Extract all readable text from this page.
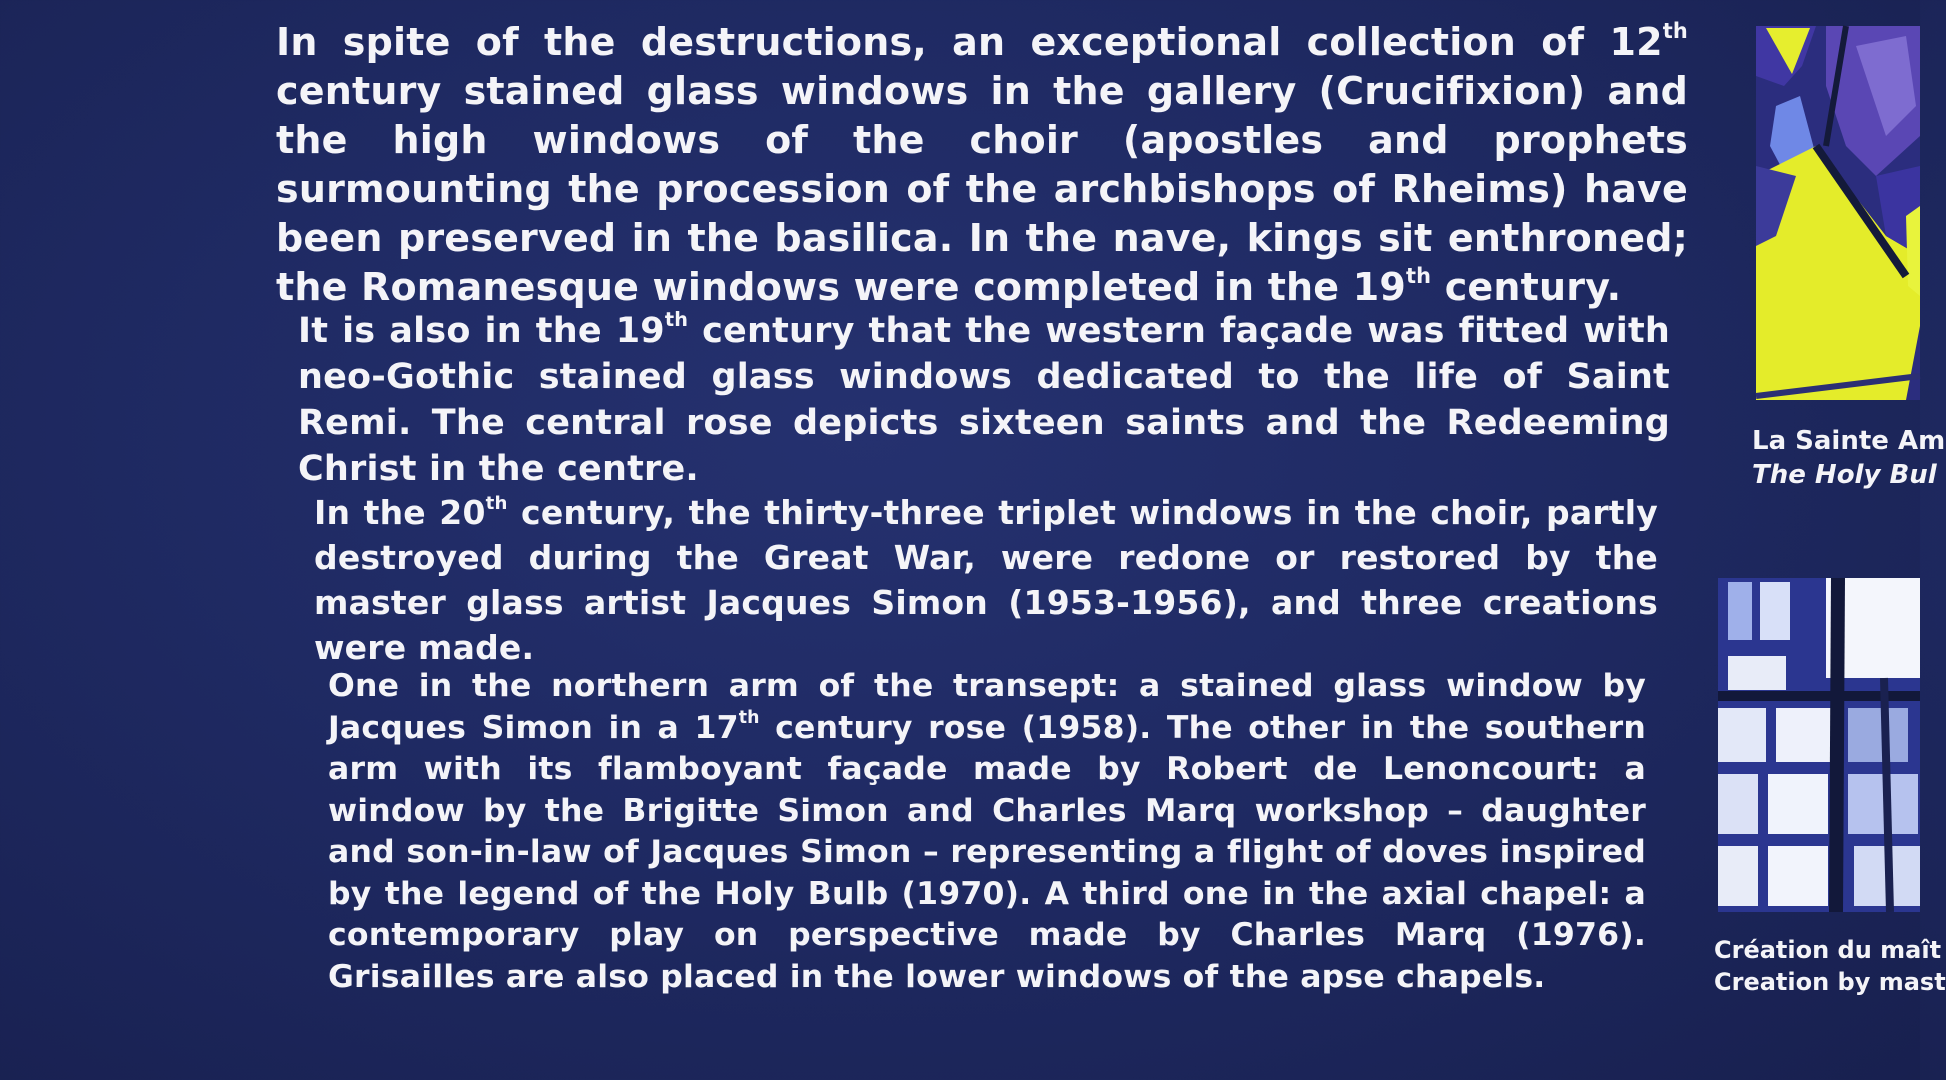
In spite of the destructions, an exceptional collection of 12th century stained glass windows in the gallery (Crucifixion) and the high windows of the choir (apostles and prophets surmounting the procession of the archbishops of Rheims) have been preserved in the basilica. In the nave, kings sit enthroned; the Romanesque windows were completed in the 19th century.

It is also in the 19th century that the western façade was fitted with neo-Gothic stained glass windows dedicated to the life of Saint Remi. The central rose depicts sixteen saints and the Redeeming Christ in the centre.

In the 20th century, the thirty-three triplet windows in the choir, partly destroyed during the Great War, were redone or restored by the master glass artist Jacques Simon (1953-1956), and three creations were made.

One in the northern arm of the transept: a stained glass window by Jacques Simon in a 17th century rose (1958). The other in the southern arm with its flamboyant façade made by Robert de Lenoncourt: a window by the Brigitte Simon and Charles Marq workshop – daughter and son-in-law of Jacques Simon – representing a flight of doves inspired by the legend of the Holy Bulb (1970). A third one in the axial chapel: a contemporary play on perspective made by Charles Marq (1976). Grisailles are also placed in the lower windows of the apse chapels.

La Sainte Am
The Holy Bul

Création du maît
Creation by mast
